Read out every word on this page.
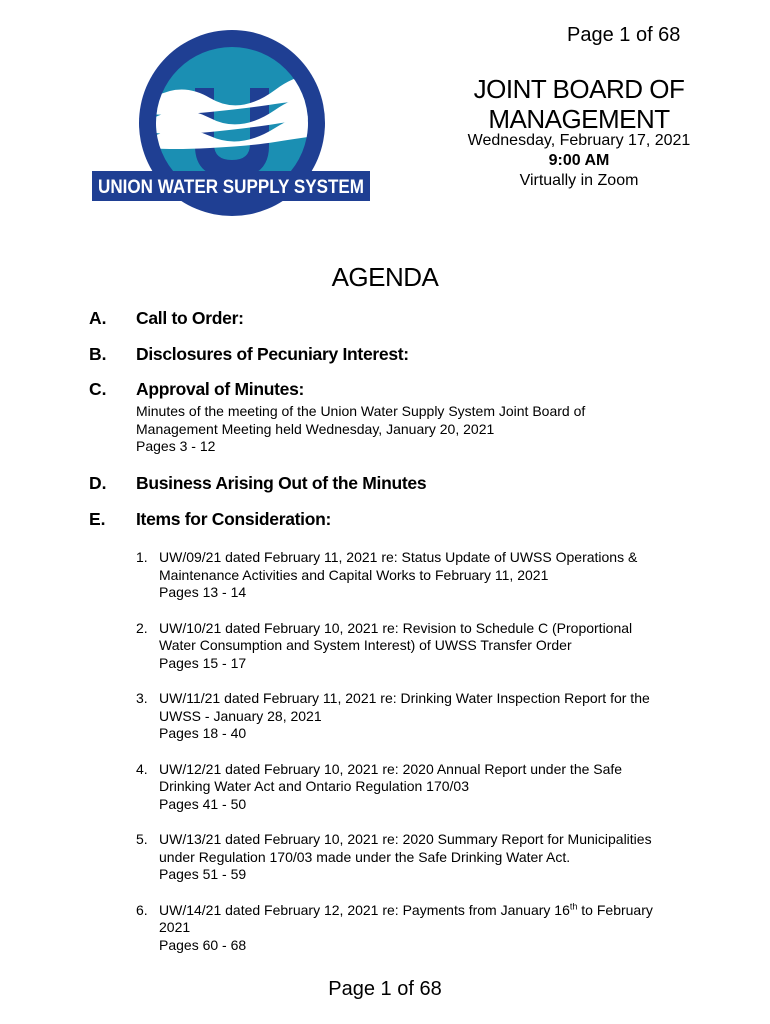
Page 1 of 68
UNION WATER SUPPLY SYSTEM
JOINT BOARD OF
MANAGEMENT
Wednesday, February 17, 2021
9:00 AM
Virtually in Zoom
AGENDA
A. Call to Order:
B. Disclosures of Pecuniary Interest:
C. Approval of Minutes:
Minutes of the meeting of the Union Water Supply System Joint Board of
Management Meeting held Wednesday, January 20, 2021
Pages 3 - 12
D. Business Arising Out of the Minutes
E. Items for Consideration:
1. UW/09/21 dated February 11, 2021 re: Status Update of UWSS Operations &
Maintenance Activities and Capital Works to February 11, 2021
Pages 13 - 14
2. UW/10/21 dated February 10, 2021 re: Revision to Schedule C (Proportional
Water Consumption and System Interest) of UWSS Transfer Order
Pages 15 - 17
3. UW/11/21 dated February 11, 2021 re: Drinking Water Inspection Report for the
UWSS - January 28, 2021
Pages 18 - 40
4. UW/12/21 dated February 10, 2021 re: 2020 Annual Report under the Safe
Drinking Water Act and Ontario Regulation 170/03
Pages 41 - 50
5. UW/13/21 dated February 10, 2021 re: 2020 Summary Report for Municipalities
under Regulation 170/03 made under the Safe Drinking Water Act.
Pages 51 - 59
6. UW/14/21 dated February 12, 2021 re: Payments from January 16th to February
2021
Pages 60 - 68
Page 1 of 68
